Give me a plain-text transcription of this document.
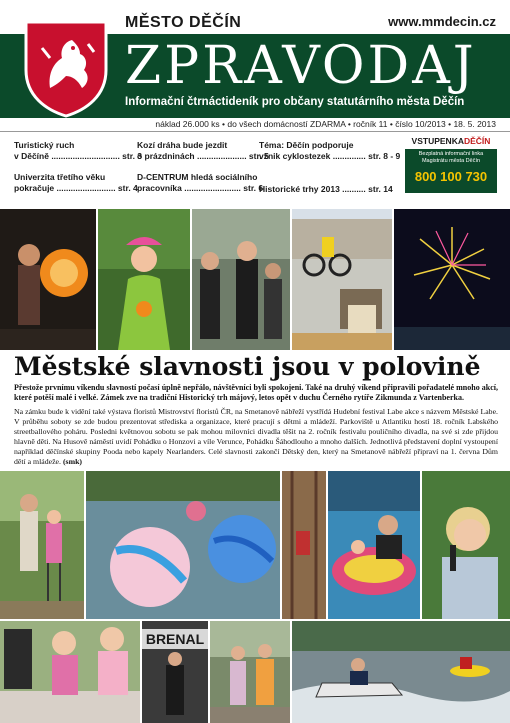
MĚSTO DĚČÍN	www.mmdecin.cz
ZPRAVODAJ
Informační čtrnáctideník pro občany statutárního města Děčín
náklad 26.000 ks • do všech domácností ZDARMA • ročník 11 • číslo 10/2013 • 18. 5. 2013
Turistický ruch
v Děčíně ............................. str. 3
Univerzita třetího věku
pokračuje ......................... str. 4
Kozí dráha bude jezdit
o prázdninách ..................... str. 5
D-CENTRUM hledá sociálního
pracovníka ........................ str. 6
Téma: Děčín podporuje
vznik cyklostezek .............. str. 8 - 9
Historické trhy 2013 .......... str. 14
VSTUPENKADĚČÍN
Bezplatná informační linka
Magistrátu města Děčín
800 100 730
Městské slavnosti jsou v polovině
Přestože prvnímu víkendu slavností počasí úplně nepřálo, návštěvníci byli spokojeni. Také na druhý víkend připravili pořadatelé mnoho akcí, které potěší malé i velké. Zámek zve na tradiční Historický trh májový, letos opět v duchu Černého rytíře Zikmunda z Vartenberka.
Na zámku bude k vidění také výstava floristů Mistrovství floristů ČR, na Smetanově nábřeží vystřídá Hudební festival Labe akce s názvem Městské Labe. V průběhu soboty se zde budou prezentovat střediska a organizace, které pracují s dětmi a mládeží. Parkoviště u Atlantiku hostí 18. ročník Labského streetballového poháru. Posledni květnovou sobotu se pak mohou milovníci divadla těšit na 2. ročník festivalu pouličního divadla, na své si zde přijdou hlavně děti. Na Husově náměstí uvidí Pohádku o Honzovi a víle Verunce, Pohádku Šáhodlouho a mnoho dalších. Jednotlivá představení doplní vystoupení například děčínské skupiny Pooda nebo kapely Nearlanders. Celé slavnosti zakončí Dětský den, který na Smetanově nábřeží připraví na 1. června Dům dětí a mládeže. (smk)
BRENAL
